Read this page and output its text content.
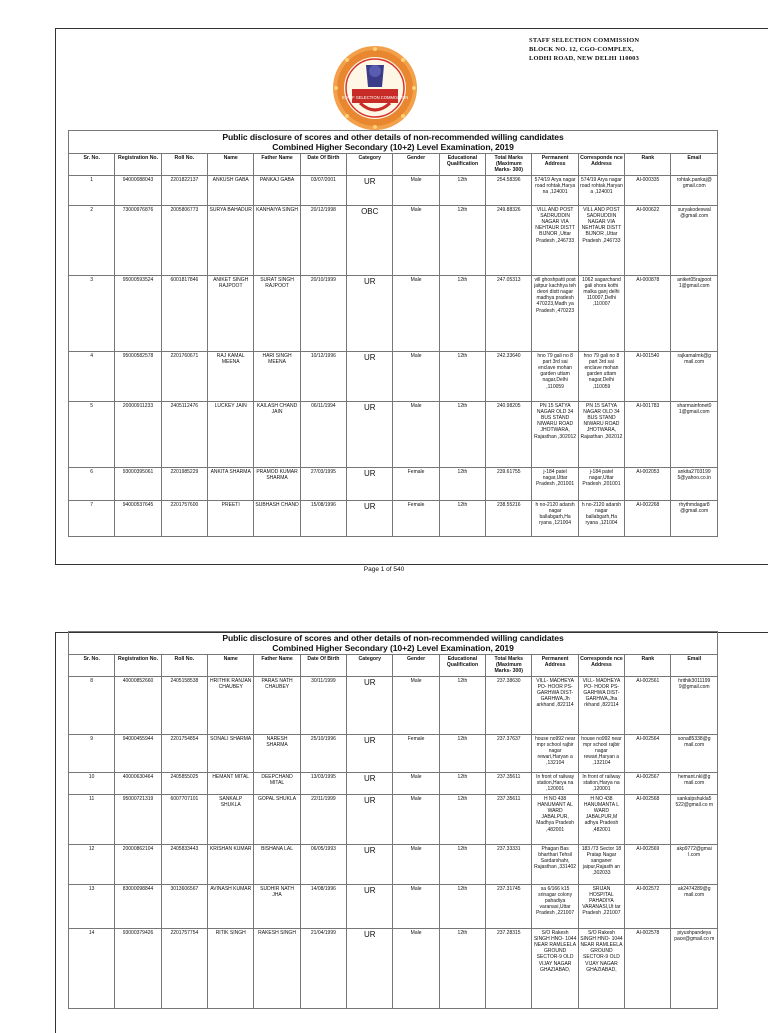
STAFF SELECTION COMMISSION
BLOCK NO. 12, CGO-COMPLEX,
LODHI ROAD, NEW DELHI 110003
STAFF SELECTION COMMISSION
Public disclosure of scores and other details of non-recommended willing candidates
Combined Higher Secondary (10+2) Level Examination, 2019													

Sr. No.	Registration No.	Roll No.	Name	Father Name	Date Of Birth	Category	Gender	Educational Qualification	Total Marks (Maximum Marks- 300)	Permanent Address	Corresponde nce Address	Rank	Email
1	94000088043	2201822137	ANKUSH GABA	PANKAJ GABA	03/07/2001	UR	Male	12th	254.58396	574/19 Arya nagar road rohtak,Harya na ,124001	574/19 Arya nagar road rohtak,Haryan a ,124001	AI-000335	rohtak.pankaj@ gmail.com
2	73000976876	2005806773	SURYA BAHADUR	KANHAIYA SINGH	20/12/1998	OBC	Male	12th	249.88326	VILL AND POST SADRUDDIN NAGAR VIA NEHTAUR DISTT BIJNOR ,Uttar Pradesh ,246733	VILL AND POST SADRUDDIN NAGAR VIA NEHTAUR DISTT BIJNOR ,Uttar Pradesh ,246733	AI-000622	suryakodeswal @gmail.com
3	95000593524	6001817846	ANIKET SINGH RAJPOOT	SURAT SINGH RAJPOOT	20/10/1999	UR	Male	12th	247.05313	vill ghoshpatti post jaitpur kachhya teh deori distt nagar madhya pradesh 470223,Madh ya Pradesh ,470223	1062 sagarchand gali shora kothi malka ganj delhi 110007,Delhi ,110007	AI-000878	aniket05rajpoot 1@gmail.com
4	95000582578	2201760671	RAJ KAMAL MEENA	HARI SINGH MEENA	10/12/1996	UR	Male	12th	242.33640	hno 79 gali no 8 part 3rd sai enclave mohan garden uttam nagar,Delhi ,110059	hno 79 gali no 8 part 3rd sai enclave mohan garden uttam nagar,Delhi ,110059	AI-001540	rajkamalmk@g mail.com
5	20000911233	2405112476	LUCKEY JAIN	KAILASH CHAND JAIN	06/11/1994	UR	Male	12th	240.98205	PN 15 SATYA NAGAR OLD 34 BUS STAND NIWARU ROAD JHOTWARA, Rajasthan ,302012	PN 15 SATYA NAGAR OLD 34 BUS STAND NIWARU ROAD JHOTWARA, Rajasthan ,302012	AI-001783	sharmainfonet0 1@gmail.com
6	93000395061	2201985229	ANKITA SHARMA	PRAMOD KUMAR SHARMA	27/03/1995	UR	Female	12th	239.61755	j-184 patel nagar,Uttar Pradesh ,201001	j-184 patel nagar,Uttar Pradesh ,201001	AI-002053	ankita2703199 5@yahoo.co.in
7	94000537645	2201757600	PREETI	SUBHASH CHAND	15/08/1996	UR	Female	12th	238.55216	h no-2120 adarsh nagar ballabgarh,Ha ryana ,121004	h no-2120 adarsh nagar ballabgarh,Ha ryana ,121004	AI-002268	rhythmdagar8 @gmail.com
Page 1 of 540
Public disclosure of scores and other details of non-recommended willing candidates
Combined Higher Secondary (10+2) Level Examination, 2019													

Sr. No.	Registration No.	Roll No.	Name	Father Name	Date Of Birth	Category	Gender	Educational Qualification	Total Marks (Maximum Marks- 300)	Permanent Address	Corresponde nce Address	Rank	Email
8	40000852660	2405158538	HRITHIK RANJAN CHAUBEY	PARAS NATH CHAUBEY	30/11/1999	UR	Male	12th	237.38630	VILL- MADHEYA PO- HOOR PS- GARHWA DIST- GARHWA,Jh arkhand ,822114	VILL- MADHEYA PO- HOOR PS- GARHWA DIST- GARHWA,Jha rkhand ,822114	AI-002561	hrithik3011199 9@gmail.com
9	94000455944	2201754854	SONALI SHARMA	NARESH SHARMA	25/10/1996	UR	Female	12th	237.37637	house no992 near mpr school rajbir nagar rewari,Haryan a ,132104	house no992 near mpr school rajbir nagar rewari,Haryan a ,132104	AI-002564	sona85338@g mail.com
10	40000630464	2405855025	HEMANT MITAL	DEEPCHAND MITAL	13/03/1995	UR	Male	12th	237.35611	In front of railway station,Harya na ,120001	In front of railway station,Harya na ,120001	AI-002567	hemant.nkl@g mail.com
11	95000721319	6007707101	SANKALP SHUKLA	GOPAL SHUKLA	22/11/1999	UR	Male	12th	237.35611	H NO 438 HANUMANT AL WARD JABALPUR, Madhya Pradesh ,482001	H NO 438 HANUMANTA L WARD JABALPUR,M adhya Pradesh ,482001	AI-002568	sankalpshukla5 522@gmail.co m
12	20000862104	2405833443	KRISHAN KUMAR	BISHANA LAL	06/05/1993	UR	Male	12th	237.33331	Phagan Bas bharthari Tehsil Sardarshahr, Rajasthan ,331402	183 /73 Sector 18 Pratap Nagar sanganer jaipur,Rajasth an ,302033	AI-002569	akp9772@gmai l.com
13	83000098844	3013606567	AVINASH KUMAR	SUDHIR NATH JHA	14/08/1996	UR	Male	12th	237.31745	sa 6/166 k15 srinagar colony pahadiya varanasi,Uttar Pradesh ,221007	SRIJAN HOSPITAL PAHADIYA VARANASI,Ut tar Pradesh ,221007	AI-002572	ak2474289@g mail.com
14	93000379426	2201757754	RITIK SINGH	RAKESH SINGH	21/04/1999	UR	Male	12th	237.28315	S/O Rakesh SINGH HNO- 1044 NEAR RAMLEELA GROUND SECTOR-9 OLD VIJAY NAGAR GHAZIABAD,	S/O Rakesh SINGH HNO- 1044 NEAR RAMLEELA GROUND SECTOR-9 OLD VIJAY NAGAR GHAZIABAD,	AI-002578	piyushpandeya pace@gmail.co m
